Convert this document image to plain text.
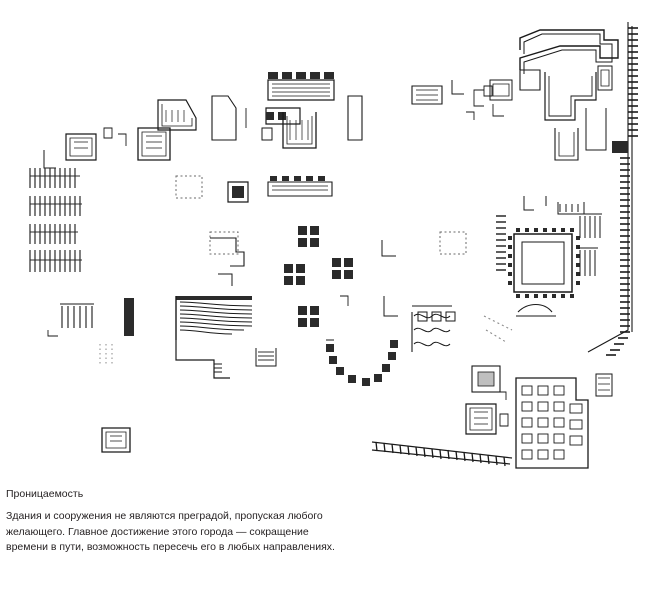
Проницаемость
Здания и сооружения не являются преградой, пропуская любого желающего. Главное достижение этого города — сокращение времени в пути, возможность пересечь его в любых направлениях.
